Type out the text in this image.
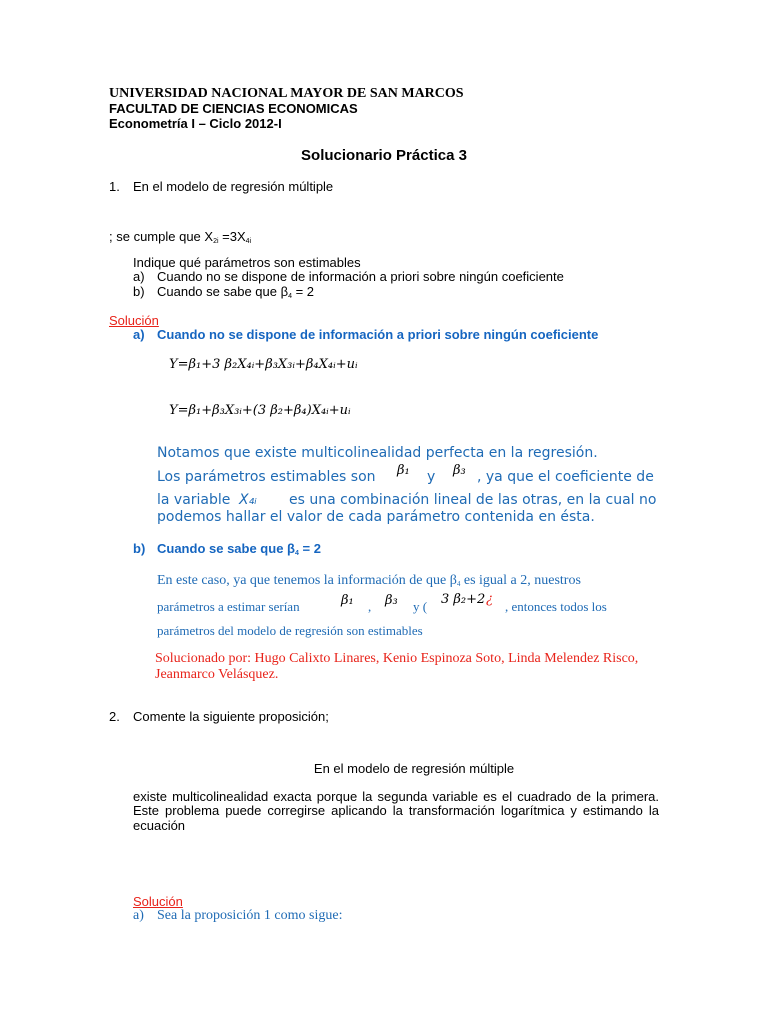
UNIVERSIDAD NACIONAL MAYOR DE SAN MARCOS
FACULTAD DE CIENCIAS ECONOMICAS
Econometría I – Ciclo 2012-I
Solucionario Práctica 3
1. En el modelo de regresión múltiple
; se cumple que $X_{2i} =3X_{4i}$
Indique qué parámetros son estimables
a) Cuando no se dispone de información a priori sobre ningún coeficiente
b) Cuando se sabe que $\beta_4 = 2$
Solución
a) Cuando no se dispone de información a priori sobre ningún coeficiente
Y=β₁+3 β₂X₄ᵢ+β₃X₃ᵢ+β₄X₄ᵢ+uᵢ
Y=β₁+β₃X₃ᵢ+(3 β₂+β₄)X₄ᵢ+uᵢ
Notamos que existe multicolinealidad perfecta en la regresión.
Los parámetros estimables son β₁ y β₃ , ya que el coeficiente de
la variable X₄ᵢ es una combinación lineal de las otras, en la cual no
podemos hallar el valor de cada parámetro contenida en ésta.
b) Cuando se sabe que $\beta_4 = 2$
En este caso, ya que tenemos la información de que $\beta_4$ es igual a 2, nuestros
parámetros a estimar serían	β₁ , β₃ y ( 3 β₂+2 ¿ , entonces todos los
parámetros del modelo de regresión son estimables
Solucionado por: Hugo Calixto Linares, Kenio Espinoza Soto, Linda Melendez Risco,
Jeanmarco Velásquez.
2. Comente la siguiente proposición;
En el modelo de regresión múltiple
existe multicolinealidad exacta porque la segunda variable es el cuadrado de la primera.
Este problema puede corregirse aplicando la transformación logarítmica y estimando la
ecuación
Solución
a) Sea la proposición 1 como sigue:
